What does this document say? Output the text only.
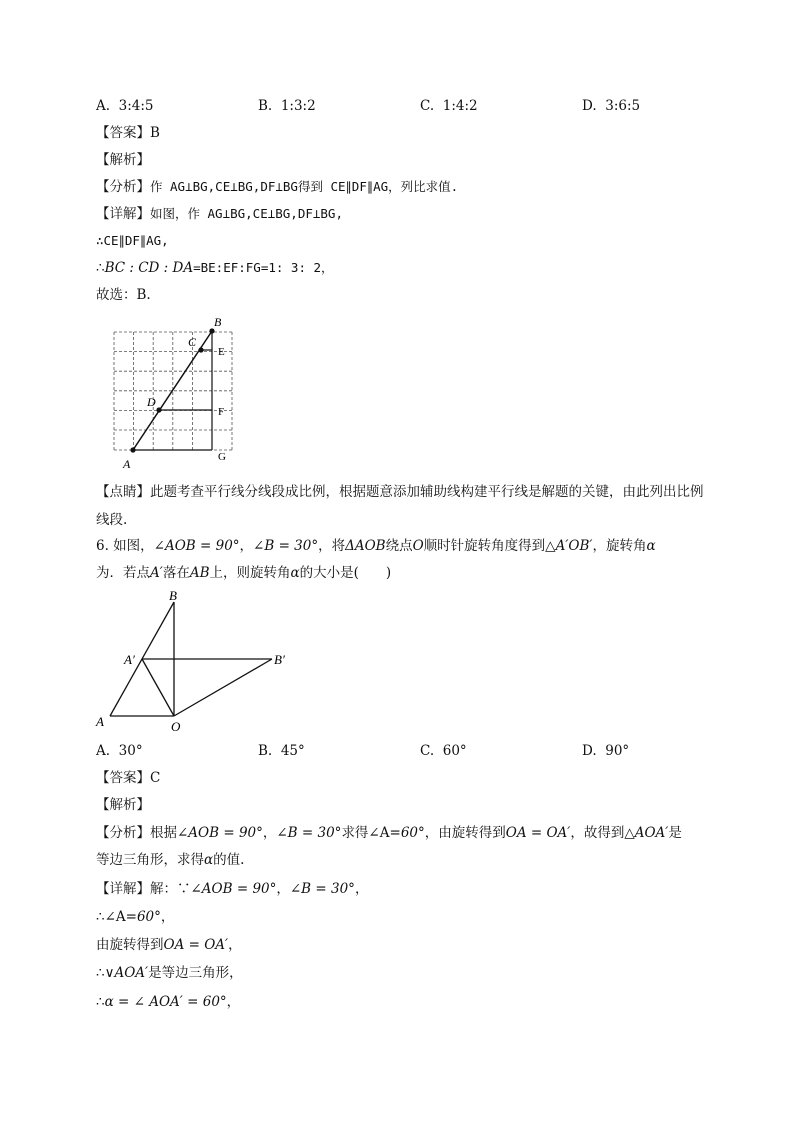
A. 3:4:5	B. 1:3:2	C. 1:4:2	D. 3:6:5
【答案】B
【解析】
【分析】作 AG⊥BG,CE⊥BG,DF⊥BG得到 CE∥DF∥AG，列比求值.
【详解】如图，作 AG⊥BG,CE⊥BG,DF⊥BG,
∴CE∥DF∥AG,
∴BC : CD : DA=BE:EF:FG=1: 3: 2，
故选：B.
B
C
E
D
F
A	G
【点睛】此题考查平行线分线段成比例，根据题意添加辅助线构建平行线是解题的关键，由此列出比例线段.
6. 如图，∠AOB = 90°，∠B = 30°，将ΔAOB绕点O顺时针旋转角度得到△A′OB′，旋转角α
为．若点A′落在AB上，则旋转角α的大小是(　　)
B
A′	B′
A	O
A. 30°	B. 45°	C. 60°	D. 90°
【答案】C
【解析】
【分析】根据∠AOB = 90°，∠B = 30°求得∠A=60°，由旋转得到OA = OA′，故得到△AOA′是
等边三角形，求得α的值.
【详解】解：∵∠AOB = 90°，∠B = 30°，
∴∠A=60°，
由旋转得到OA = OA′，
∴∨AOA′是等边三角形，
∴α = ∠ AOA′ = 60°，
